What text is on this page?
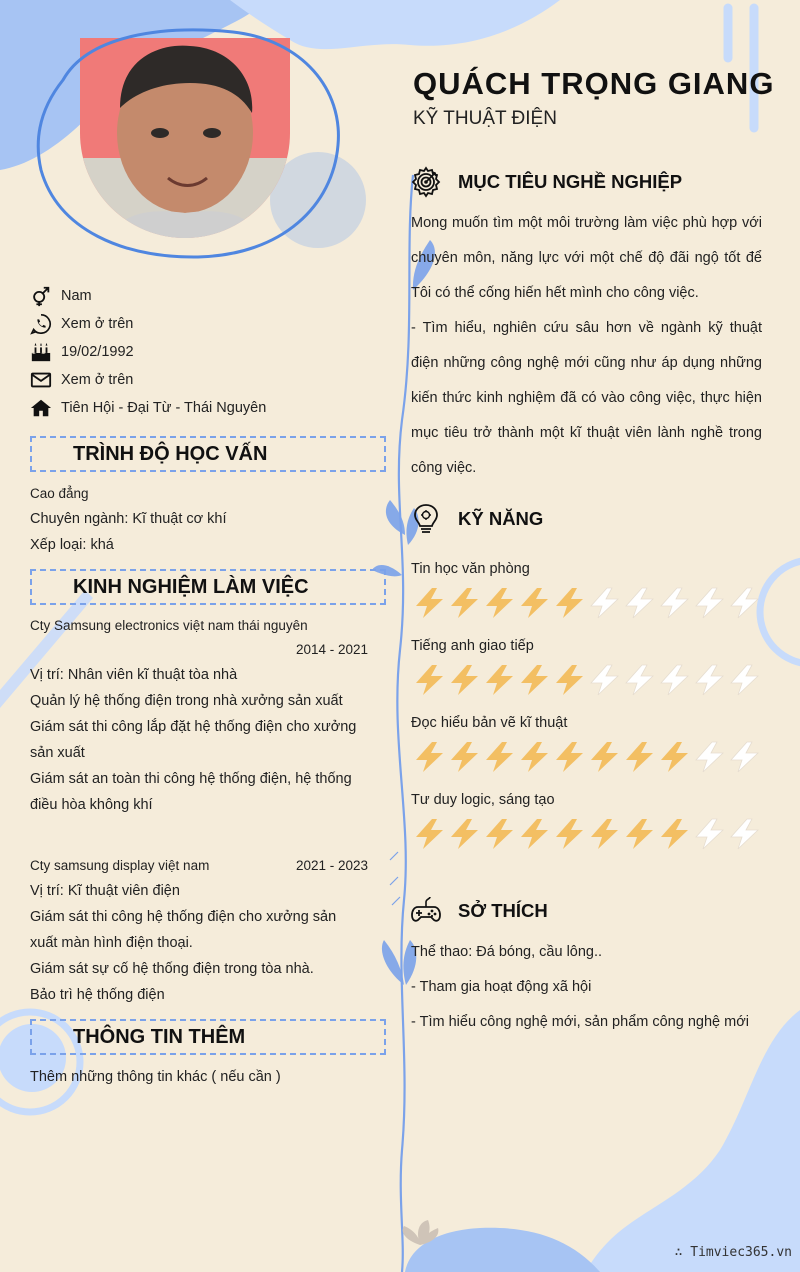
QUÁCH TRỌNG GIANG
KỸ THUẬT ĐIỆN
Nam
Xem ở trên
19/02/1992
Xem ở trên
Tiên Hội - Đại Từ - Thái Nguyên
TRÌNH ĐỘ HỌC VẤN
Cao đẳng
Chuyên ngành: Kĩ thuật cơ khí
Xếp loại: khá
KINH NGHIỆM LÀM VIỆC
Cty Samsung electronics việt nam thái nguyên
2014 - 2021
Vị trí: Nhân viên kĩ thuật tòa nhà
Quản lý hệ thống điện trong nhà xưởng sản xuất
Giám sát thi công lắp đặt hệ thống điện cho xưởng
sản xuất
Giám sát an toàn thi công hệ thống điện, hệ thống
điều hòa không khí
Cty samsung display việt nam	2021 - 2023
Vị trí: Kĩ thuật viên điện
Giám sát thi công hệ thống điện cho xưởng sản
xuất màn hình điện thoại.
Giám sát sự cố hệ thống điện trong tòa nhà.
Bảo trì hệ thống điện
THÔNG TIN THÊM
Thêm những thông tin khác ( nếu cần )
MỤC TIÊU NGHỀ NGHIỆP

Mong muốn tìm một môi trường làm việc phù hợp với chuyên môn, năng lực với một chế độ đãi ngộ tốt để Tôi có thể cống hiến hết mình cho công việc.

- Tìm hiểu, nghiên cứu sâu hơn về ngành kỹ thuật điện những công nghệ mới cũng như áp dụng những kiến thức kinh nghiệm đã có vào công việc, thực hiện mục tiêu trở thành một kĩ thuật viên lành nghề trong công việc.

KỸ NĂNG
Tin học văn phòng
Tiếng anh giao tiếp
Đọc hiểu bản vẽ kĩ thuật
Tư duy logic, sáng tạo
SỞ THÍCH
Thể thao: Đá bóng, cầu lông..
- Tham gia hoạt động xã hội
- Tìm hiểu công nghệ mới, sản phẩm công nghệ mới
∴ Timviec365.vn
